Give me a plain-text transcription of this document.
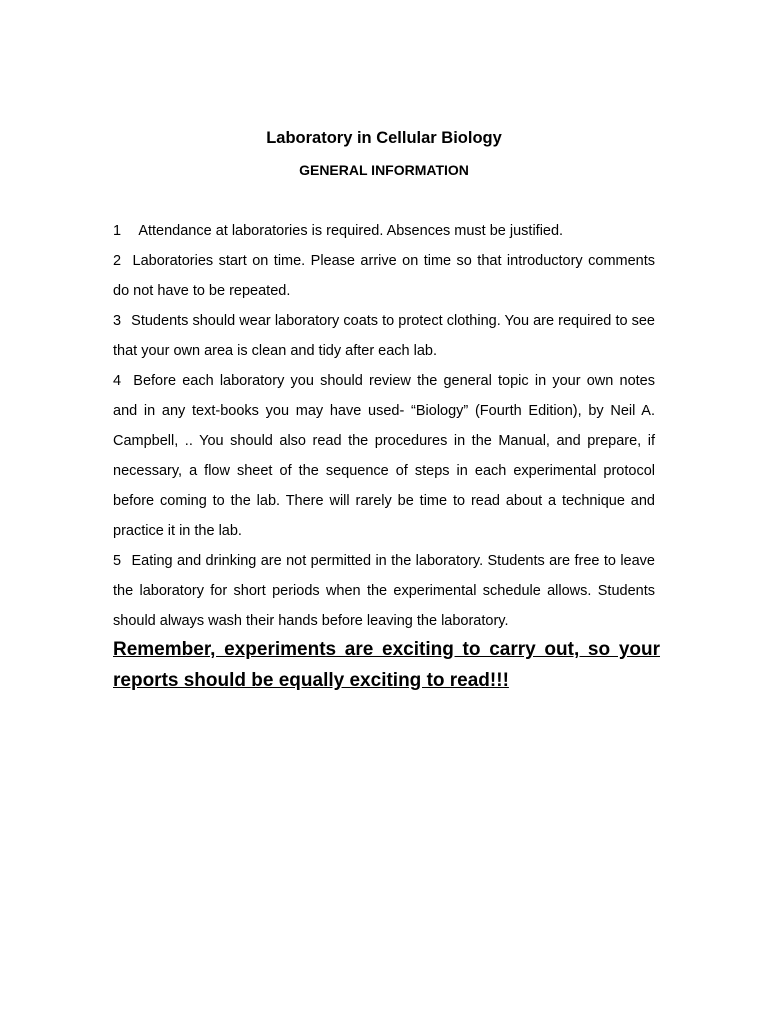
Laboratory in Cellular Biology
GENERAL INFORMATION

1 Attendance at laboratories is required. Absences must be justified.

2 Laboratories start on time. Please arrive on time so that introductory comments do not have to be repeated.

3 Students should wear laboratory coats to protect clothing. You are required to see that your own area is clean and tidy after each lab.

4 Before each laboratory you should review the general topic in your own notes and in any text-books you may have used- “Biology” (Fourth Edition), by Neil A. Campbell, .. You should also read the procedures in the Manual, and prepare, if necessary, a flow sheet of the sequence of steps in each experimental protocol before coming to the lab. There will rarely be time to read about a technique and practice it in the lab.

5 Eating and drinking are not permitted in the laboratory. Students are free to leave the laboratory for short periods when the experimental schedule allows. Students should always wash their hands before leaving the laboratory.

Remember, experiments are exciting to carry out, so your reports should be equally exciting to read!!!
